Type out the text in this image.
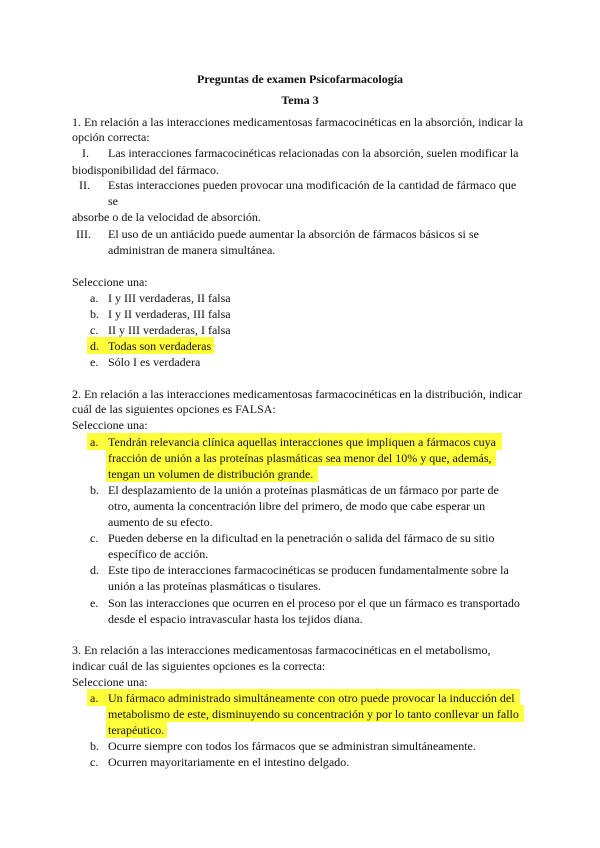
Preguntas de examen Psicofarmacología
Tema 3
1. En relación a las interacciones medicamentosas farmacocinéticas en la absorción, indicar la
opción correcta:
I. Las interacciones farmacocinéticas relacionadas con la absorción, suelen modificar la
biodisponibilidad del fármaco.
II. Estas interacciones pueden provocar una modificación de la cantidad de fármaco que
se
absorbe o de la velocidad de absorción.
III. El uso de un antiácido puede aumentar la absorción de fármacos básicos si se
administran de manera simultánea.
Seleccione una:
a. I y III verdaderas, II falsa
b. I y II verdaderas, III falsa
c. II y III verdaderas, I falsa
d. Todas son verdaderas
e. Sólo I es verdadera
2. En relación a las interacciones medicamentosas farmacocinéticas en la distribución, indicar
cuál de las siguientes opciones es FALSA:
Seleccione una:
a. Tendrán relevancia clínica aquellas interacciones que impliquen a fármacos cuya
fracción de unión a las proteínas plasmáticas sea menor del 10% y que, además,
tengan un volumen de distribución grande.
b. El desplazamiento de la unión a proteínas plasmáticas de un fármaco por parte de
otro, aumenta la concentración libre del primero, de modo que cabe esperar un
aumento de su efecto.
c. Pueden deberse en la dificultad en la penetración o salida del fármaco de su sitio
específico de acción.
d. Este tipo de interacciones farmacocinéticas se producen fundamentalmente sobre la
unión a las proteínas plasmáticas o tisulares.
e. Son las interacciones que ocurren en el proceso por el que un fármaco es transportado
desde el espacio intravascular hasta los tejidos diana.
3. En relación a las interacciones medicamentosas farmacocinéticas en el metabolismo,
indicar cuál de las siguientes opciones es la correcta:
Seleccione una:
a. Un fármaco administrado simultáneamente con otro puede provocar la inducción del
metabolismo de este, disminuyendo su concentración y por lo tanto conllevar un fallo
terapéutico.
b. Ocurre siempre con todos los fármacos que se administran simultáneamente.
c. Ocurren mayoritariamente en el intestino delgado.
